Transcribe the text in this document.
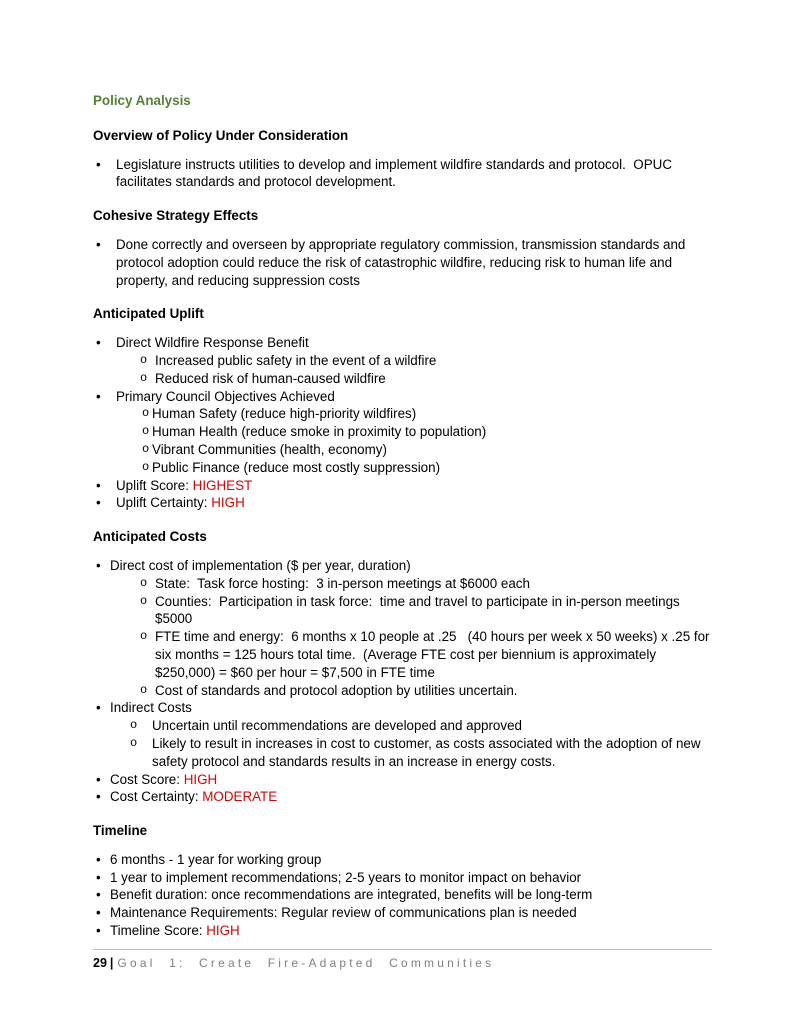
Policy Analysis
Overview of Policy Under Consideration
• Legislature instructs utilities to develop and implement wildfire standards and protocol.  OPUC facilitates standards and protocol development.
Cohesive Strategy Effects
• Done correctly and overseen by appropriate regulatory commission, transmission standards and protocol adoption could reduce the risk of catastrophic wildfire, reducing risk to human life and property, and reducing suppression costs
Anticipated Uplift
• Direct Wildfire Response Benefit
o Increased public safety in the event of a wildfire
o Reduced risk of human-caused wildfire
• Primary Council Objectives Achieved
o Human Safety (reduce high-priority wildfires)
o Human Health (reduce smoke in proximity to population)
o Vibrant Communities (health, economy)
o Public Finance (reduce most costly suppression)
• Uplift Score: HIGHEST
• Uplift Certainty: HIGH
Anticipated Costs
• Direct cost of implementation ($ per year, duration)
o State:  Task force hosting:  3 in-person meetings at $6000 each
o Counties:  Participation in task force:  time and travel to participate in in-person meetings $5000
o FTE time and energy:  6 months x 10 people at .25   (40 hours per week x 50 weeks) x .25 for six months = 125 hours total time.  (Average FTE cost per biennium is approximately $250,000) = $60 per hour = $7,500 in FTE time
o Cost of standards and protocol adoption by utilities uncertain.
• Indirect Costs
o Uncertain until recommendations are developed and approved
o Likely to result in increases in cost to customer, as costs associated with the adoption of new safety protocol and standards results in an increase in energy costs.
• Cost Score: HIGH
• Cost Certainty: MODERATE
Timeline
• 6 months - 1 year for working group
• 1 year to implement recommendations; 2-5 years to monitor impact on behavior
• Benefit duration: once recommendations are integrated, benefits will be long-term
• Maintenance Requirements: Regular review of communications plan is needed
• Timeline Score: HIGH
29 | Goal 1: Create Fire-Adapted Communities
